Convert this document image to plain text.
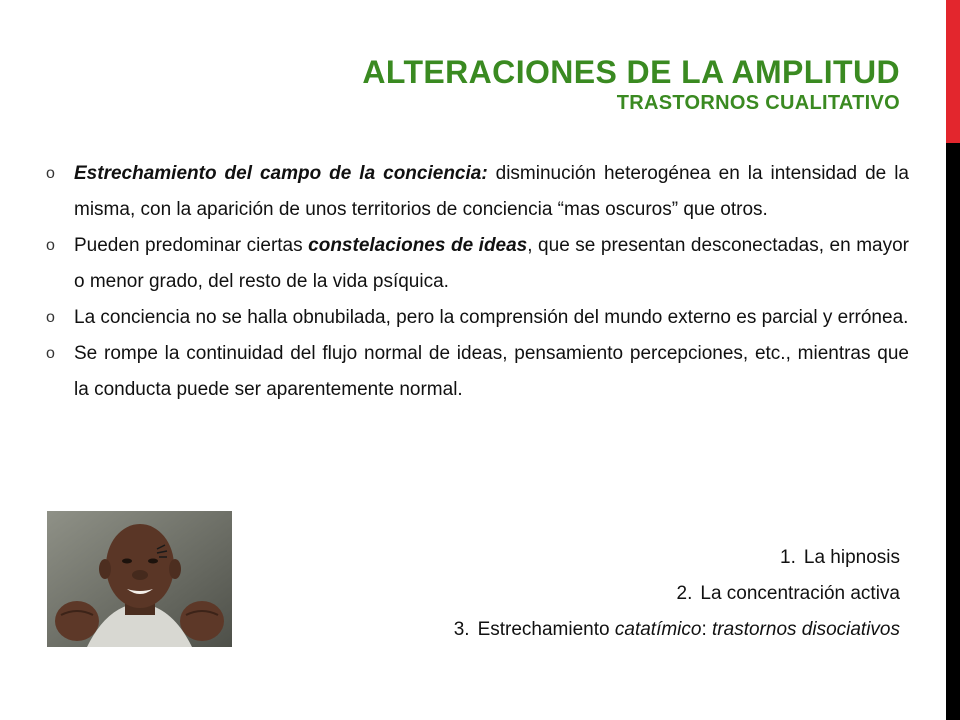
ALTERACIONES DE LA AMPLITUD
TRASTORNOS CUALITATIVO
o Estrechamiento del campo de la conciencia: disminución heterogénea en la intensidad de la misma, con la aparición de unos territorios de conciencia “mas oscuros” que otros.
o Pueden predominar ciertas constelaciones de ideas, que se presentan desconectadas, en mayor o menor grado, del resto de la vida psíquica.
o La conciencia no se halla obnubilada, pero la comprensión del mundo externo es parcial y errónea.
o Se rompe la continuidad del flujo normal de ideas, pensamiento percepciones, etc., mientras que la conducta puede ser aparentemente normal.
1. La hipnosis
2. La concentración activa
3. Estrechamiento catatímico: trastornos disociativos
